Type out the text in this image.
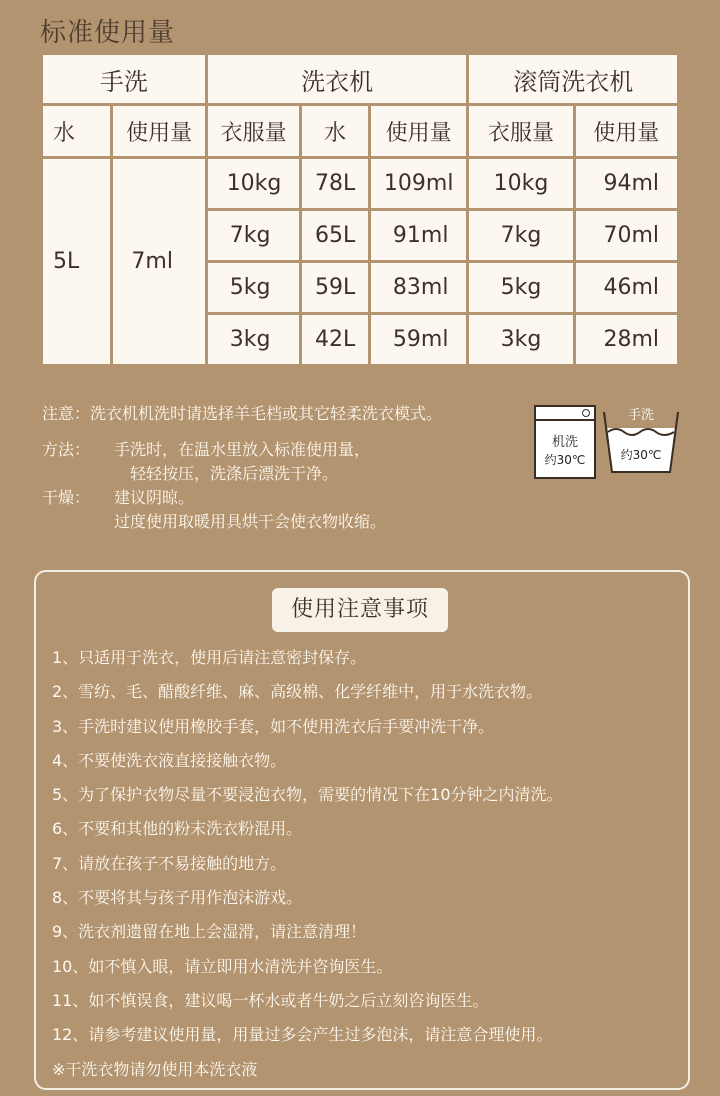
标准使用量
手洗		洗衣机			滚筒洗衣机	
水	使用量	衣服量	水	使用量	衣服量	使用量
5L	7ml	10kg	78L	109ml	10kg	94ml
		7kg	65L	91ml	7kg	70ml
		5kg	59L	83ml	5kg	46ml
		3kg	42L	59ml	3kg	28ml
注意：洗衣机机洗时请选择羊毛档或其它轻柔洗衣模式。
方法：	手洗时，在温水里放入标准使用量，
轻轻按压，洗涤后漂洗干净。
干燥：	建议阴晾。
过度使用取暖用具烘干会使衣物收缩。
机洗
约30℃
手洗
约30℃
使用注意事项
1、只适用于洗衣，使用后请注意密封保存。
2、雪纺、毛、醋酸纤维、麻、高级棉、化学纤维中，用于水洗衣物。
3、手洗时建议使用橡胶手套，如不使用洗衣后手要冲洗干净。
4、不要使洗衣液直接接触衣物。
5、为了保护衣物尽量不要浸泡衣物，需要的情况下在10分钟之内清洗。
6、不要和其他的粉末洗衣粉混用。
7、请放在孩子不易接触的地方。
8、不要将其与孩子用作泡沫游戏。
9、洗衣剂遗留在地上会湿滑，请注意清理！
10、如不慎入眼，请立即用水清洗并咨询医生。
11、如不慎误食，建议喝一杯水或者牛奶之后立刻咨询医生。
12、请参考建议使用量，用量过多会产生过多泡沫，请注意合理使用。
※干洗衣物请勿使用本洗衣液
